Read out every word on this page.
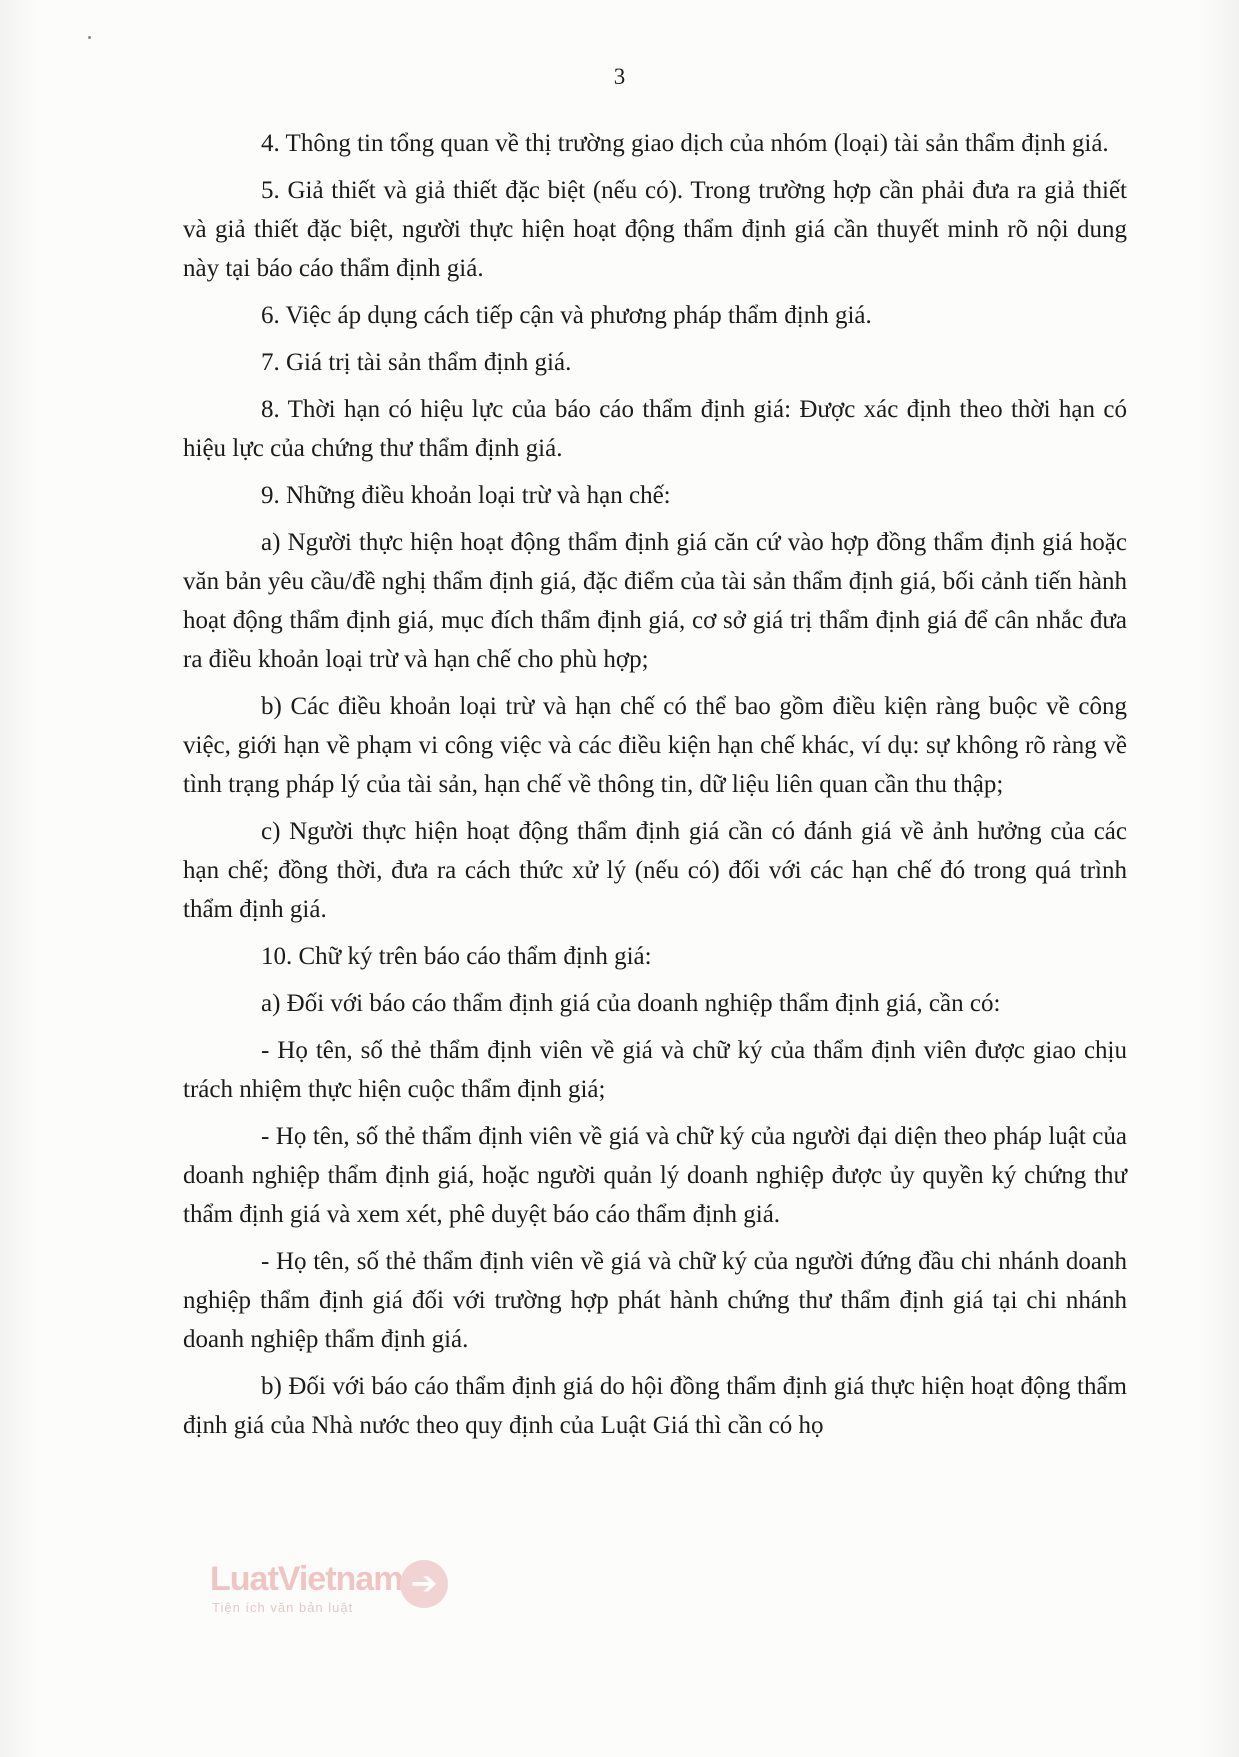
3

4. Thông tin tổng quan về thị trường giao dịch của nhóm (loại) tài sản thẩm định giá.

5. Giả thiết và giả thiết đặc biệt (nếu có). Trong trường hợp cần phải đưa ra giả thiết và giả thiết đặc biệt, người thực hiện hoạt động thẩm định giá cần thuyết minh rõ nội dung này tại báo cáo thẩm định giá.

6. Việc áp dụng cách tiếp cận và phương pháp thẩm định giá.

7. Giá trị tài sản thẩm định giá.

8. Thời hạn có hiệu lực của báo cáo thẩm định giá: Được xác định theo thời hạn có hiệu lực của chứng thư thẩm định giá.

9. Những điều khoản loại trừ và hạn chế:

a) Người thực hiện hoạt động thẩm định giá căn cứ vào hợp đồng thẩm định giá hoặc văn bản yêu cầu/đề nghị thẩm định giá, đặc điểm của tài sản thẩm định giá, bối cảnh tiến hành hoạt động thẩm định giá, mục đích thẩm định giá, cơ sở giá trị thẩm định giá để cân nhắc đưa ra điều khoản loại trừ và hạn chế cho phù hợp;

b) Các điều khoản loại trừ và hạn chế có thể bao gồm điều kiện ràng buộc về công việc, giới hạn về phạm vi công việc và các điều kiện hạn chế khác, ví dụ: sự không rõ ràng về tình trạng pháp lý của tài sản, hạn chế về thông tin, dữ liệu liên quan cần thu thập;

c) Người thực hiện hoạt động thẩm định giá cần có đánh giá về ảnh hưởng của các hạn chế; đồng thời, đưa ra cách thức xử lý (nếu có) đối với các hạn chế đó trong quá trình thẩm định giá.

10. Chữ ký trên báo cáo thẩm định giá:

a) Đối với báo cáo thẩm định giá của doanh nghiệp thẩm định giá, cần có:

- Họ tên, số thẻ thẩm định viên về giá và chữ ký của thẩm định viên được giao chịu trách nhiệm thực hiện cuộc thẩm định giá;

- Họ tên, số thẻ thẩm định viên về giá và chữ ký của người đại diện theo pháp luật của doanh nghiệp thẩm định giá, hoặc người quản lý doanh nghiệp được ủy quyền ký chứng thư thẩm định giá và xem xét, phê duyệt báo cáo thẩm định giá.

- Họ tên, số thẻ thẩm định viên về giá và chữ ký của người đứng đầu chi nhánh doanh nghiệp thẩm định giá đối với trường hợp phát hành chứng thư thẩm định giá tại chi nhánh doanh nghiệp thẩm định giá.

b) Đối với báo cáo thẩm định giá do hội đồng thẩm định giá thực hiện hoạt động thẩm định giá của Nhà nước theo quy định của Luật Giá thì cần có họ

LuatVietnam
Tiện ích văn bản luật
➔
